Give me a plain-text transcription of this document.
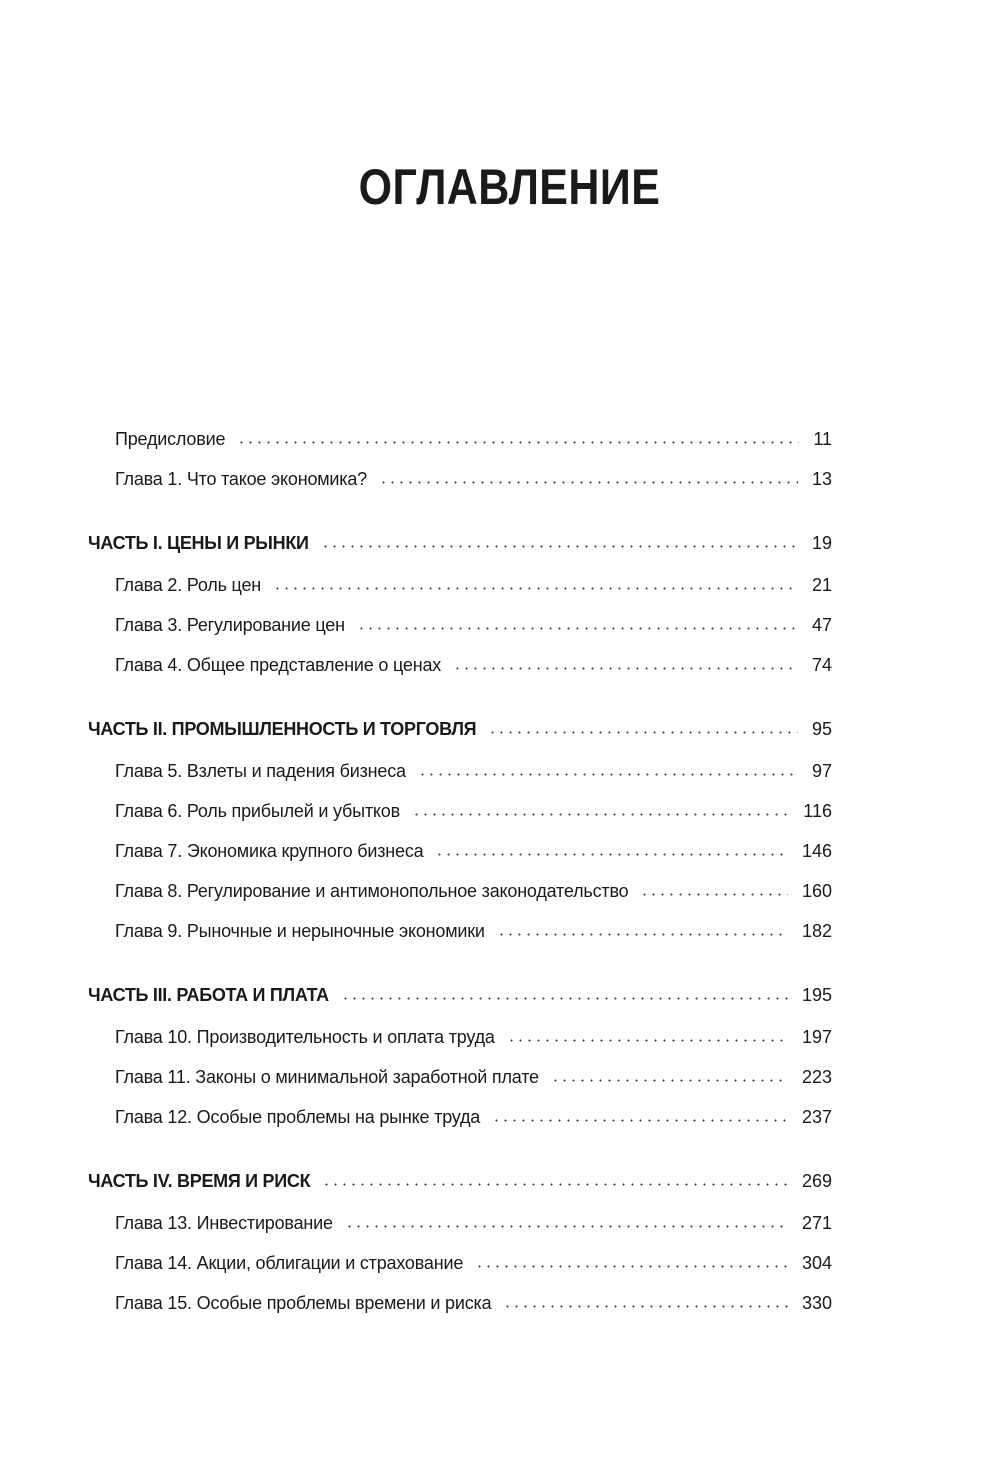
ОГЛАВЛЕНИЕ
Предисловие	11
Глава 1. Что такое экономика?	13
ЧАСТЬ I. ЦЕНЫ И РЫНКИ	19
Глава 2. Роль цен	21
Глава 3. Регулирование цен	47
Глава 4. Общее представление о ценах	74
ЧАСТЬ II. ПРОМЫШЛЕННОСТЬ И ТОРГОВЛЯ	95
Глава 5. Взлеты и падения бизнеса	97
Глава 6. Роль прибылей и убытков	116
Глава 7. Экономика крупного бизнеса	146
Глава 8. Регулирование и антимонопольное законодательство	160
Глава 9. Рыночные и нерыночные экономики	182
ЧАСТЬ III. РАБОТА И ПЛАТА	195
Глава 10. Производительность и оплата труда	197
Глава 11. Законы о минимальной заработной плате	223
Глава 12. Особые проблемы на рынке труда	237
ЧАСТЬ IV. ВРЕМЯ И РИСК	269
Глава 13. Инвестирование	271
Глава 14. Акции, облигации и страхование	304
Глава 15. Особые проблемы времени и риска	330
